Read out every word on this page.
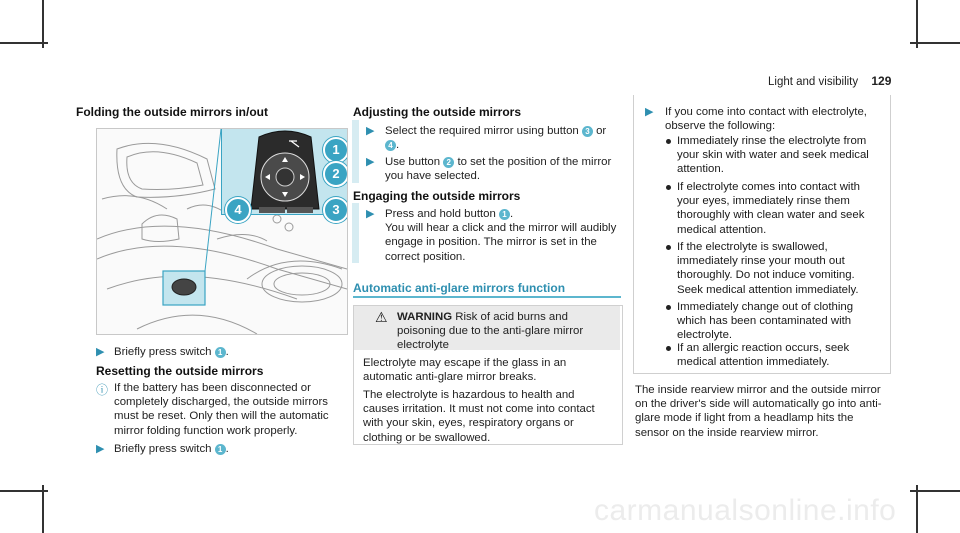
Light and visibility 129
Folding the outside mirrors in/out
1
2
3
4
▶ Briefly press switch 1 .
Resetting the outside mirrors
ⓘ If the battery has been disconnected or completely discharged, the outside mirrors must be reset. Only then will the automatic mirror folding function work properly.
▶ Briefly press switch 1 .
Adjusting the outside mirrors
▶ Select the required mirror using button 3 or
4 .
▶ Use button 2 to set the position of the mirror you have selected.
Engaging the outside mirrors
▶ Press and hold button 1 .
You will hear a click and the mirror will audibly engage in position. The mirror is set in the correct position.
Automatic anti-glare mirrors function
⚠ WARNING Risk of acid burns and poisoning due to the anti-glare mirror electrolyte
Electrolyte may escape if the glass in an automatic anti-glare mirror breaks.
The electrolyte is hazardous to health and causes irritation. It must not come into contact with your skin, eyes, respiratory organs or clothing or be swallowed.
▶ If you come into contact with electrolyte, observe the following:
Immediately rinse the electrolyte from your skin with water and seek medical attention.
If electrolyte comes into contact with your eyes, immediately rinse them thoroughly with clean water and seek medical attention.
If the electrolyte is swallowed, immediately rinse your mouth out thoroughly. Do not induce vomiting. Seek medical attention immediately.
Immediately change out of clothing which has been contaminated with electrolyte.
If an allergic reaction occurs, seek medical attention immediately.
The inside rearview mirror and the outside mirror on the driver's side will automatically go into anti-glare mode if light from a headlamp hits the sensor on the inside rearview mirror.
carmanualsonline.info
